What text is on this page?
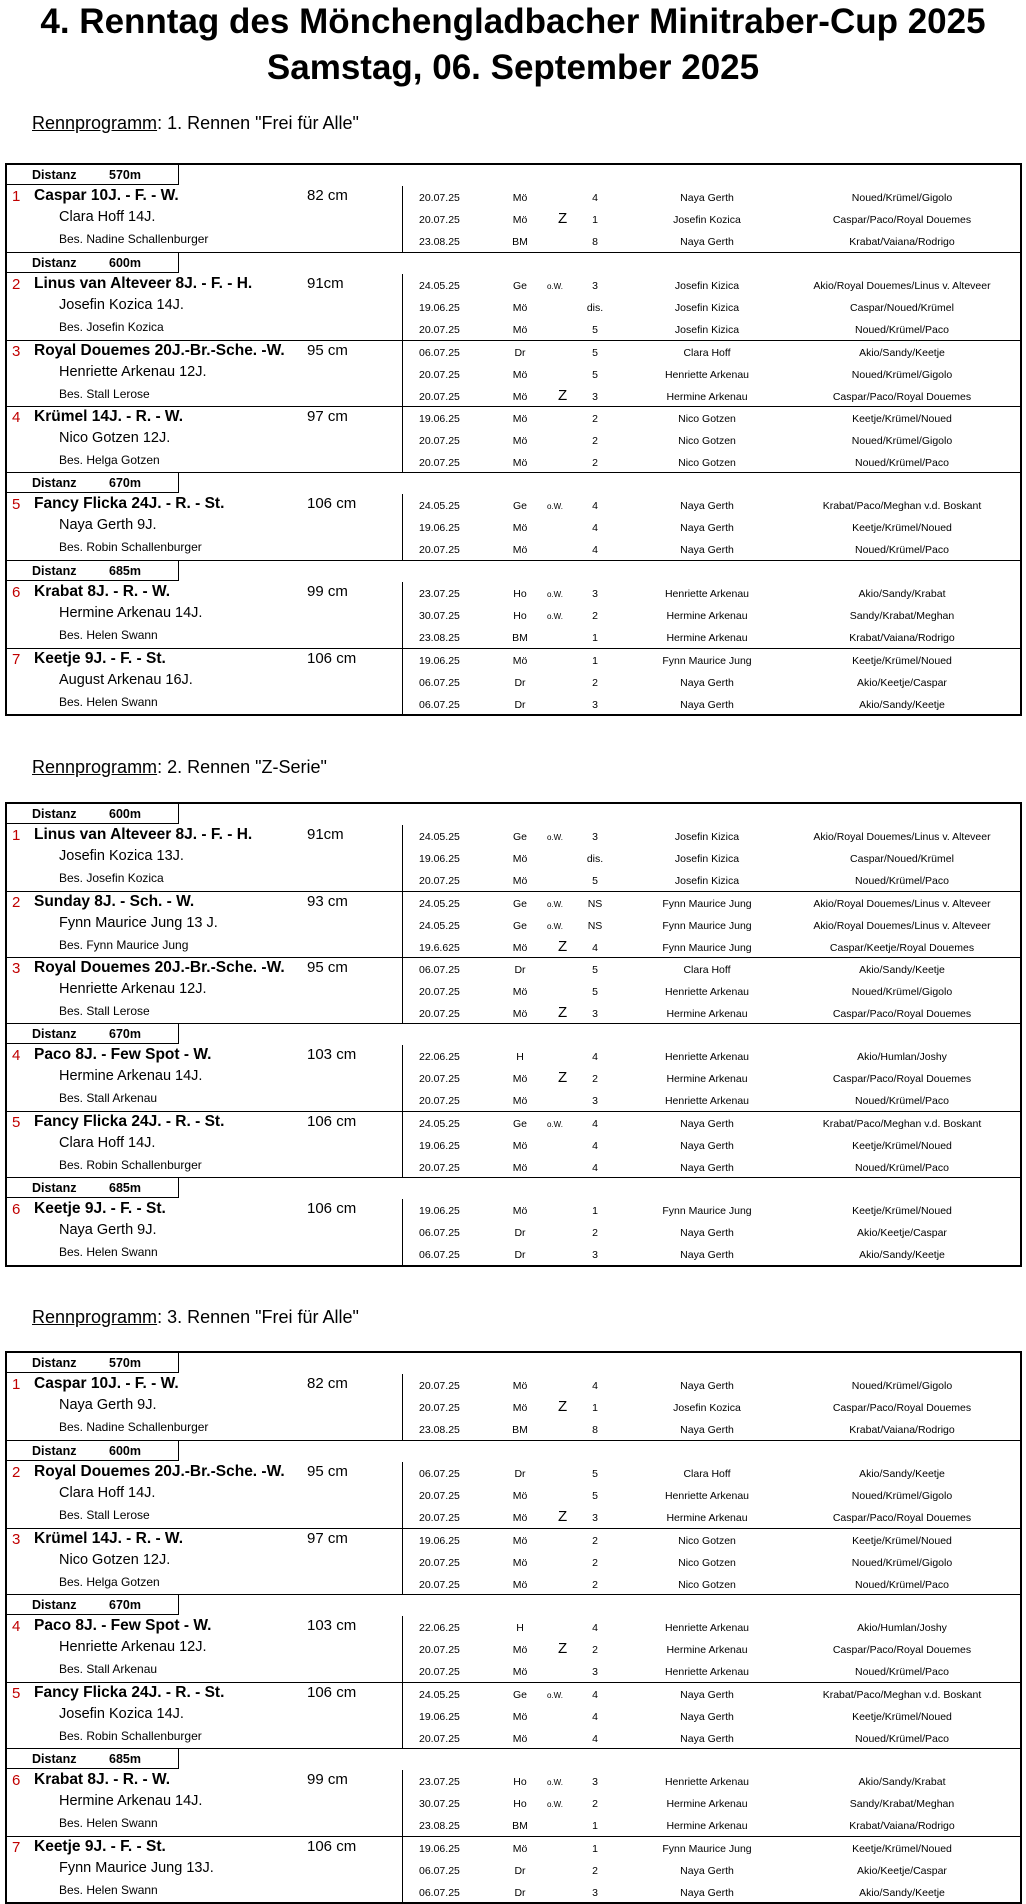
4. Renntag des Mönchengladbacher Minitraber-Cup 2025
Samstag, 06. September 2025
Rennprogramm: 1. Rennen "Frei für Alle"
Distanz	570m
1 Caspar 10J. - F. - W.	82 cm
Clara Hoff 14J.
Bes. Nadine Schallenburger
20.07.25	Mö	4	Naya Gerth	Noued/Krümel/Gigolo
20.07.25	Mö	Z	1	Josefin Kozica	Caspar/Paco/Royal Douemes
23.08.25	BM	8	Naya Gerth	Krabat/Vaiana/Rodrigo
Distanz	600m
2 Linus van Alteveer 8J. - F. - H.	91cm
Josefin Kozica 14J.
Bes. Josefin Kozica
24.05.25	Ge	o.W.	3	Josefin Kizica	Akio/Royal Douemes/Linus v. Alteveer
19.06.25	Mö	dis.	Josefin Kizica	Caspar/Noued/Krümel
20.07.25	Mö	5	Josefin Kizica	Noued/Krümel/Paco
3 Royal Douemes 20J.-Br.-Sche. -W. 95 cm
Henriette Arkenau 12J.
Bes. Stall Lerose
06.07.25	Dr	5	Clara Hoff	Akio/Sandy/Keetje
20.07.25	Mö	5	Henriette Arkenau	Noued/Krümel/Gigolo
20.07.25	Mö	Z	3	Hermine Arkenau	Caspar/Paco/Royal Douemes
4 Krümel 14J. - R. - W.	97 cm
Nico Gotzen 12J.
Bes. Helga Gotzen
19.06.25	Mö	2	Nico Gotzen	Keetje/Krümel/Noued
20.07.25	Mö	2	Nico Gotzen	Noued/Krümel/Gigolo
20.07.25	Mö	2	Nico Gotzen	Noued/Krümel/Paco
Distanz	670m
5 Fancy Flicka 24J. - R. - St.	106 cm
Naya Gerth 9J.
Bes. Robin Schallenburger
24.05.25	Ge	o.W.	4	Naya Gerth	Krabat/Paco/Meghan v.d. Boskant
19.06.25	Mö	4	Naya Gerth	Keetje/Krümel/Noued
20.07.25	Mö	4	Naya Gerth	Noued/Krümel/Paco
Distanz	685m
6 Krabat 8J. - R. - W.	99 cm
Hermine Arkenau 14J.
Bes. Helen Swann
23.07.25	Ho	o.W.	3	Henriette Arkenau	Akio/Sandy/Krabat
30.07.25	Ho	o.W.	2	Hermine Arkenau	Sandy/Krabat/Meghan
23.08.25	BM	1	Hermine Arkenau	Krabat/Vaiana/Rodrigo
7 Keetje 9J. - F. - St.	106 cm
August Arkenau 16J.
Bes. Helen Swann
19.06.25	Mö	1	Fynn Maurice Jung	Keetje/Krümel/Noued
06.07.25	Dr	2	Naya Gerth	Akio/Keetje/Caspar
06.07.25	Dr	3	Naya Gerth	Akio/Sandy/Keetje
Rennprogramm: 2. Rennen "Z-Serie"
Distanz	600m
1 Linus van Alteveer 8J. - F. - H.	91cm
Josefin Kozica 13J.
Bes. Josefin Kozica
24.05.25	Ge	o.W.	3	Josefin Kizica	Akio/Royal Douemes/Linus v. Alteveer
19.06.25	Mö	dis.	Josefin Kizica	Caspar/Noued/Krümel
20.07.25	Mö	5	Josefin Kizica	Noued/Krümel/Paco
2 Sunday 8J. - Sch. - W.	93 cm
Fynn Maurice Jung 13 J.
Bes. Fynn Maurice Jung
24.05.25	Ge	o.W.	NS	Fynn Maurice Jung	Akio/Royal Douemes/Linus v. Alteveer
24.05.25	Ge	o.W.	NS	Fynn Maurice Jung	Akio/Royal Douemes/Linus v. Alteveer
19.6.625	Mö	Z	4	Fynn Maurice Jung	Caspar/Keetje/Royal Douemes
3 Royal Douemes 20J.-Br.-Sche. -W. 95 cm
Henriette Arkenau 12J.
Bes. Stall Lerose
06.07.25	Dr	5	Clara Hoff	Akio/Sandy/Keetje
20.07.25	Mö	5	Henriette Arkenau	Noued/Krümel/Gigolo
20.07.25	Mö	Z	3	Hermine Arkenau	Caspar/Paco/Royal Douemes
Distanz	670m
4 Paco 8J. - Few Spot - W.	103 cm
Hermine Arkenau 14J.
Bes. Stall Arkenau
22.06.25	H	4	Henriette Arkenau	Akio/Humlan/Joshy
20.07.25	Mö	Z	2	Hermine Arkenau	Caspar/Paco/Royal Douemes
20.07.25	Mö	3	Henriette Arkenau	Noued/Krümel/Paco
5 Fancy Flicka 24J. - R. - St.	106 cm
Clara Hoff 14J.
Bes. Robin Schallenburger
24.05.25	Ge	o.W.	4	Naya Gerth	Krabat/Paco/Meghan v.d. Boskant
19.06.25	Mö	4	Naya Gerth	Keetje/Krümel/Noued
20.07.25	Mö	4	Naya Gerth	Noued/Krümel/Paco
Distanz	685m
6 Keetje 9J. - F. - St.	106 cm
Naya Gerth 9J.
Bes. Helen Swann
19.06.25	Mö	1	Fynn Maurice Jung	Keetje/Krümel/Noued
06.07.25	Dr	2	Naya Gerth	Akio/Keetje/Caspar
06.07.25	Dr	3	Naya Gerth	Akio/Sandy/Keetje
Rennprogramm: 3. Rennen "Frei für Alle"
Distanz	570m
1 Caspar 10J. - F. - W.	82 cm
Naya Gerth 9J.
Bes. Nadine Schallenburger
20.07.25	Mö	4	Naya Gerth	Noued/Krümel/Gigolo
20.07.25	Mö	Z	1	Josefin Kozica	Caspar/Paco/Royal Douemes
23.08.25	BM	8	Naya Gerth	Krabat/Vaiana/Rodrigo
Distanz	600m
2 Royal Douemes 20J.-Br.-Sche. -W. 95 cm
Clara Hoff 14J.
Bes. Stall Lerose
06.07.25	Dr	5	Clara Hoff	Akio/Sandy/Keetje
20.07.25	Mö	5	Henriette Arkenau	Noued/Krümel/Gigolo
20.07.25	Mö	Z	3	Hermine Arkenau	Caspar/Paco/Royal Douemes
3 Krümel 14J. - R. - W.	97 cm
Nico Gotzen 12J.
Bes. Helga Gotzen
19.06.25	Mö	2	Nico Gotzen	Keetje/Krümel/Noued
20.07.25	Mö	2	Nico Gotzen	Noued/Krümel/Gigolo
20.07.25	Mö	2	Nico Gotzen	Noued/Krümel/Paco
Distanz	670m
4 Paco 8J. - Few Spot - W.	103 cm
Henriette Arkenau 12J.
Bes. Stall Arkenau
22.06.25	H	4	Henriette Arkenau	Akio/Humlan/Joshy
20.07.25	Mö	Z	2	Hermine Arkenau	Caspar/Paco/Royal Douemes
20.07.25	Mö	3	Henriette Arkenau	Noued/Krümel/Paco
5 Fancy Flicka 24J. - R. - St.	106 cm
Josefin Kozica 14J.
Bes. Robin Schallenburger
24.05.25	Ge	o.W.	4	Naya Gerth	Krabat/Paco/Meghan v.d. Boskant
19.06.25	Mö	4	Naya Gerth	Keetje/Krümel/Noued
20.07.25	Mö	4	Naya Gerth	Noued/Krümel/Paco
Distanz	685m
6 Krabat 8J. - R. - W.	99 cm
Hermine Arkenau 14J.
Bes. Helen Swann
23.07.25	Ho	o.W.	3	Henriette Arkenau	Akio/Sandy/Krabat
30.07.25	Ho	o.W.	2	Hermine Arkenau	Sandy/Krabat/Meghan
23.08.25	BM	1	Hermine Arkenau	Krabat/Vaiana/Rodrigo
7 Keetje 9J. - F. - St.	106 cm
Fynn Maurice Jung 13J.
Bes. Helen Swann
19.06.25	Mö	1	Fynn Maurice Jung	Keetje/Krümel/Noued
06.07.25	Dr	2	Naya Gerth	Akio/Keetje/Caspar
06.07.25	Dr	3	Naya Gerth	Akio/Sandy/Keetje
